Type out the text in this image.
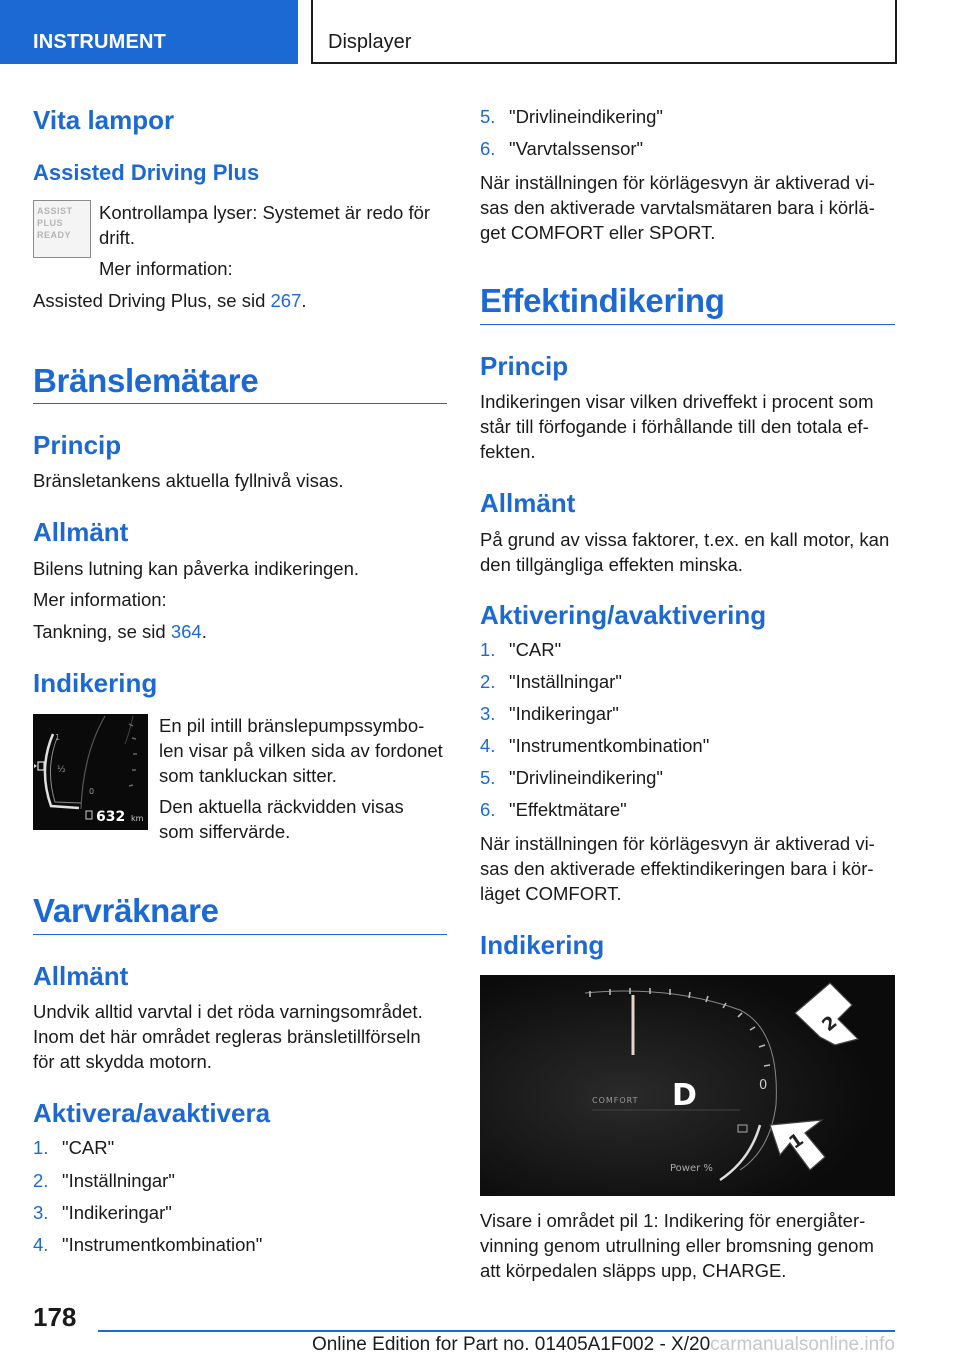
INSTRUMENT	Displayer
Vita lampor
Assisted Driving Plus
ASSIST
PLUS
READY
Kontrollampa lyser: Systemet är redo för
drift.
Mer information:
Assisted Driving Plus, se sid 267.
Bränslemätare
Princip
Bränsletankens aktuella fyllnivå visas.
Allmänt
Bilens lutning kan påverka indikeringen.
Mer information:
Tankning, se sid 364.
Indikering
1
½
0
632 km
En pil intill bränslepumpssymbo-
len visar på vilken sida av fordonet
som tankluckan sitter.
Den aktuella räckvidden visas
som siffervärde.
Varvräknare
Allmänt
Undvik alltid varvtal i det röda varningsområdet.
Inom det här området regleras bränsletillförseln
för att skydda motorn.
Aktivera/avaktivera
1. "CAR"
2. "Inställningar"
3. "Indikeringar"
4. "Instrumentkombination"
5. "Drivlineindikering"
6. "Varvtalssensor"
När inställningen för körlägesvyn är aktiverad vi-
sas den aktiverade varvtalsmätaren bara i körlä-
get COMFORT eller SPORT.
Effektindikering
Princip
Indikeringen visar vilken driveffekt i procent som
står till förfogande i förhållande till den totala ef-
fekten.
Allmänt
På grund av vissa faktorer, t.ex. en kall motor, kan
den tillgängliga effekten minska.
Aktivering/avaktivering
1. "CAR"
2. "Inställningar"
3. "Indikeringar"
4. "Instrumentkombination"
5. "Drivlineindikering"
6. "Effektmätare"
När inställningen för körlägesvyn är aktiverad vi-
sas den aktiverade effektindikeringen bara i kör-
läget COMFORT.
Indikering
0
COMFORT D
Power %
2
1
Visare i området pil 1: Indikering för energiåter-
vinning genom utrullning eller bromsning genom
att körpedalen släpps upp, CHARGE.
178
Online Edition for Part no. 01405A1F002 - X/20carmanualsonline.info
